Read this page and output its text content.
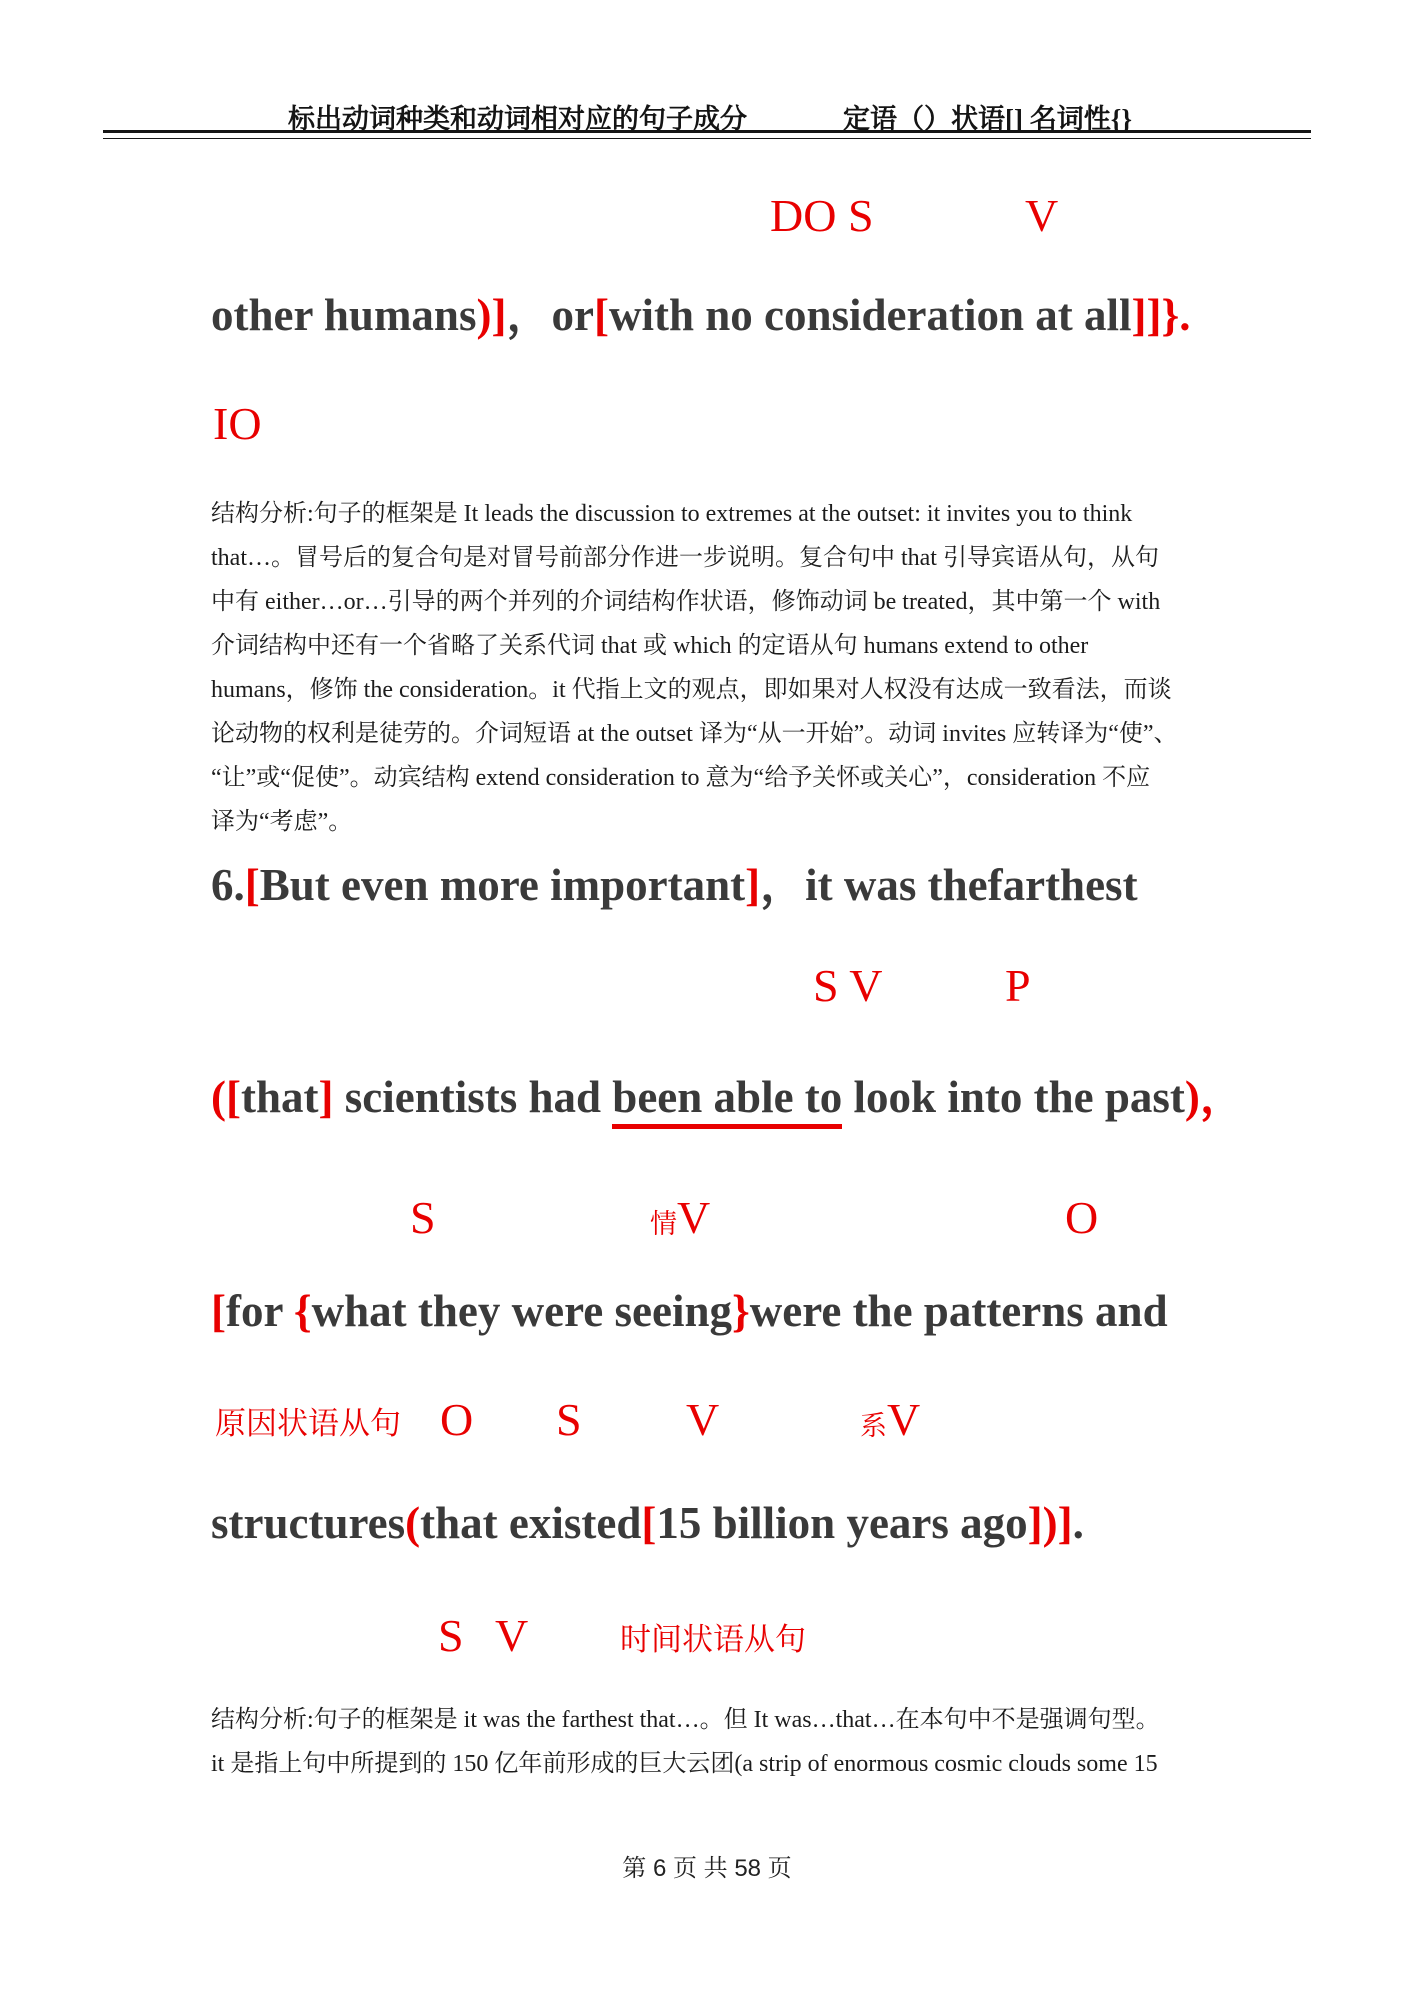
标出动词种类和动词相对应的句子成分	定语（）状语[] 名词性{}
DO S	V
other humans)]，or[with no consideration at all]]}.
IO
结构分析:句子的框架是 It leads the discussion to extremes at the outset: it invites you to think
that…。冒号后的复合句是对冒号前部分作进一步说明。复合句中 that 引导宾语从句，从句
中有 either…or…引导的两个并列的介词结构作状语，修饰动词 be treated，其中第一个 with
介词结构中还有一个省略了关系代词 that 或 which 的定语从句 humans extend to other
humans，修饰 the consideration。it 代指上文的观点，即如果对人权没有达成一致看法，而谈
论动物的权利是徒劳的。介词短语 at the outset 译为“从一开始”。动词 invites 应转译为“使”、
“让”或“促使”。动宾结构 extend consideration to 意为“给予关怀或关心”，consideration 不应
译为“考虑”。
6.[But even more important]，it was thefarthest
S V	P
([that] scientists had been able to look into the past)，
S	情V	O
[for {what they were seeing}were the patterns and
原因状语从句 O S V	系V
structures(that existed[15 billion years ago])].
S V	时间状语从句
结构分析:句子的框架是 it was the farthest that…。但 It was…that…在本句中不是强调句型。
it 是指上句中所提到的 150 亿年前形成的巨大云团(a strip of enormous cosmic clouds some 15
第 6 页 共 58 页
